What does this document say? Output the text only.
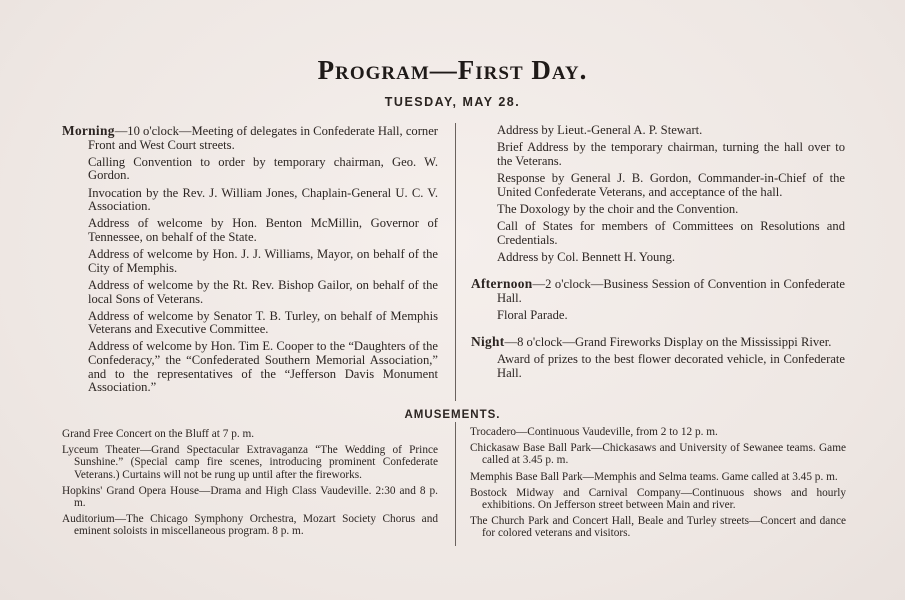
Program—First Day.
TUESDAY, MAY 28.
Morning—10 o'clock—Meeting of delegates in Confederate Hall, corner Front and West Court streets.
Calling Convention to order by temporary chairman, Geo. W. Gordon.
Invocation by the Rev. J. William Jones, Chaplain-General U. C. V. Association.
Address of welcome by Hon. Benton McMillin, Governor of Tennessee, on behalf of the State.
Address of welcome by Hon. J. J. Williams, Mayor, on behalf of the City of Memphis.
Address of welcome by the Rt. Rev. Bishop Gailor, on behalf of the local Sons of Veterans.
Address of welcome by Senator T. B. Turley, on behalf of Memphis Veterans and Executive Committee.
Address of welcome by Hon. Tim E. Cooper to the “Daughters of the Confederacy,” the “Confederated Southern Memorial Association,” and to the representatives of the “Jefferson Davis Monument Association.”
Address by Lieut.-General A. P. Stewart.
Brief Address by the temporary chairman, turning the hall over to the Veterans.
Response by General J. B. Gordon, Commander-in-Chief of the United Confederate Veterans, and acceptance of the hall.
The Doxology by the choir and the Convention.
Call of States for members of Committees on Resolutions and Credentials.
Address by Col. Bennett H. Young.
Afternoon—2 o'clock—Business Session of Convention in Confederate Hall.
Floral Parade.
Night—8 o'clock—Grand Fireworks Display on the Mississippi River.
Award of prizes to the best flower decorated vehicle, in Confederate Hall.
AMUSEMENTS.
Grand Free Concert on the Bluff at 7 p. m.
Lyceum Theater—Grand Spectacular Extravaganza “The Wedding of Prince Sunshine.” (Special camp fire scenes, introducing prominent Confederate Veterans.) Curtains will not be rung up until after the fireworks.
Hopkins' Grand Opera House—Drama and High Class Vaudeville. 2:30 and 8 p. m.
Auditorium—The Chicago Symphony Orchestra, Mozart Society Chorus and eminent soloists in miscellaneous program. 8 p. m.
Trocadero—Continuous Vaudeville, from 2 to 12 p. m.
Chickasaw Base Ball Park—Chickasaws and University of Sewanee teams. Game called at 3.45 p. m.
Memphis Base Ball Park—Memphis and Selma teams. Game called at 3.45 p. m.
Bostock Midway and Carnival Company—Continuous shows and hourly exhibitions. On Jefferson street between Main and river.
The Church Park and Concert Hall, Beale and Turley streets—Concert and dance for colored veterans and visitors.
